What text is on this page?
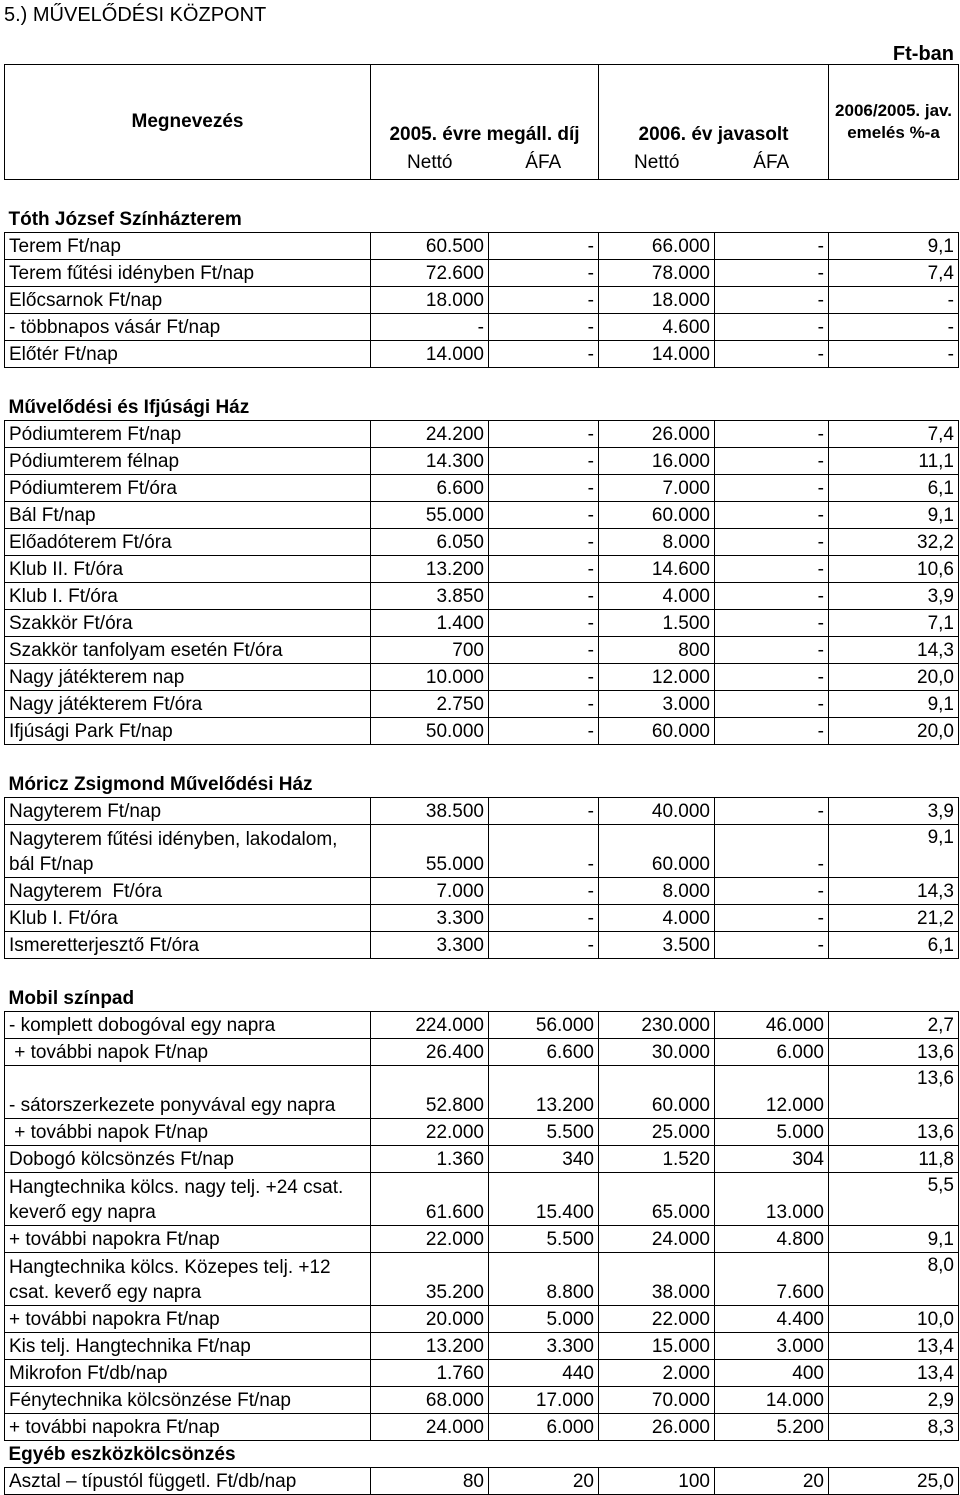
5.) MŰVELŐDÉSI KÖZPONT
Ft-ban
Megnevezés	2005. évre megáll. díj		2006. év javasolt		2006/2005. jav. emelés %-a
	Nettó	ÁFA	Nettó	ÁFA	

Tóth József Színházterem					
Terem Ft/nap	60.500	-	66.000	-	9,1
Terem fűtési idényben Ft/nap	72.600	-	78.000	-	7,4
Előcsarnok Ft/nap	18.000	-	18.000	-	-
- többnapos vásár Ft/nap	-	-	4.600	-	-
Előtér Ft/nap	14.000	-	14.000	-	-

Művelődési és Ifjúsági Ház					
Pódiumterem Ft/nap	24.200	-	26.000	-	7,4
Pódiumterem félnap	14.300	-	16.000	-	11,1
Pódiumterem Ft/óra	6.600	-	7.000	-	6,1
Bál Ft/nap	55.000	-	60.000	-	9,1
Előadóterem Ft/óra	6.050	-	8.000	-	32,2
Klub II. Ft/óra	13.200	-	14.600	-	10,6
Klub I. Ft/óra	3.850	-	4.000	-	3,9
Szakkör Ft/óra	1.400	-	1.500	-	7,1
Szakkör tanfolyam esetén Ft/óra	700	-	800	-	14,3
Nagy játékterem nap	10.000	-	12.000	-	20,0
Nagy játékterem Ft/óra	2.750	-	3.000	-	9,1
Ifjúsági Park Ft/nap	50.000	-	60.000	-	20,0

Móricz Zsigmond Művelődési Ház					
Nagyterem Ft/nap	38.500	-	40.000	-	3,9
Nagyterem fűtési idényben, lakodalom, bál Ft/nap	55.000	-	60.000	-	9,1
Nagyterem  Ft/óra	7.000	-	8.000	-	14,3
Klub I. Ft/óra	3.300	-	4.000	-	21,2
Ismeretterjesztő Ft/óra	3.300	-	3.500	-	6,1

Mobil színpad					
- komplett dobogóval egy napra	224.000	56.000	230.000	46.000	2,7
+ további napok Ft/nap	26.400	6.600	30.000	6.000	13,6
- sátorszerkezete ponyvával egy napra	52.800	13.200	60.000	12.000	13,6
+ további napok Ft/nap	22.000	5.500	25.000	5.000	13,6
Dobogó kölcsönzés Ft/nap	1.360	340	1.520	304	11,8
Hangtechnika kölcs. nagy telj. +24 csat. keverő egy napra	61.600	15.400	65.000	13.000	5,5
+ további napokra Ft/nap	22.000	5.500	24.000	4.800	9,1
Hangtechnika kölcs. Közepes telj. +12 csat. keverő egy napra	35.200	8.800	38.000	7.600	8,0
+ további napokra Ft/nap	20.000	5.000	22.000	4.400	10,0
Kis telj. Hangtechnika Ft/nap	13.200	3.300	15.000	3.000	13,4
Mikrofon Ft/db/nap	1.760	440	2.000	400	13,4
Fénytechnika kölcsönzése Ft/nap	68.000	17.000	70.000	14.000	2,9
+ további napokra Ft/nap	24.000	6.000	26.000	5.200	8,3
Egyéb eszközkölcsönzés					
Asztal – típustól függetl. Ft/db/nap	80	20	100	20	25,0
